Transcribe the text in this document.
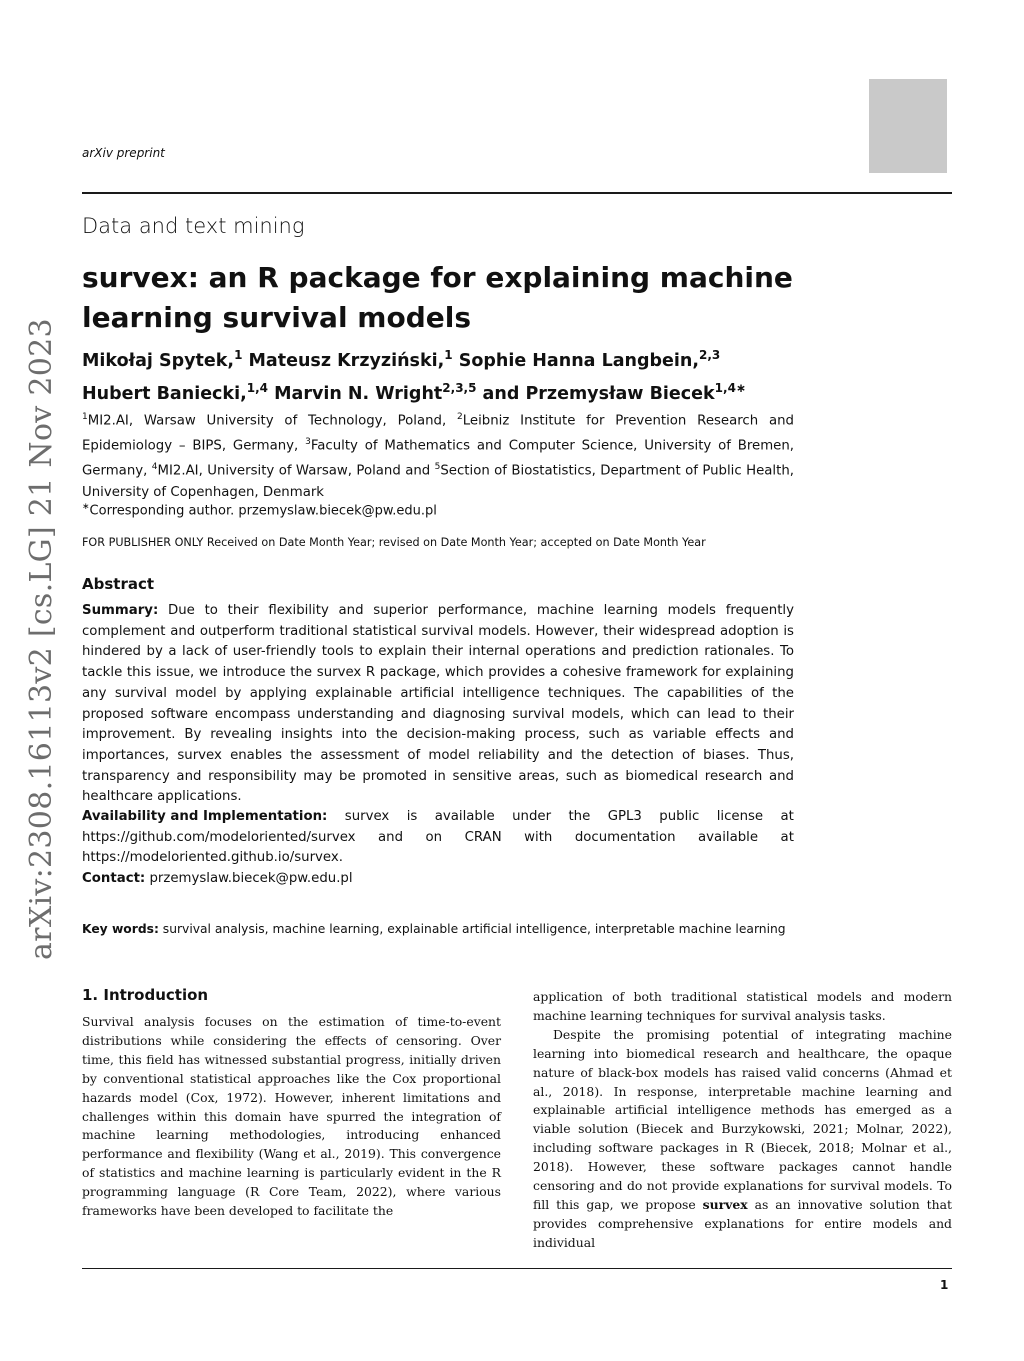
arXiv:2308.16113v2 [cs.LG] 21 Nov 2023
arXiv preprint
Data and text mining
survex: an R package for explaining machine learning survival models
Mikołaj Spytek,$^1$ Mateusz Krzyziński,$^1$ Sophie Hanna Langbein,$^{2,3}$
Hubert Baniecki,$^{1,4}$ Marvin N. Wright$^{2,3,5}$ and Przemysław Biecek$^{1,4∗}$
$^1$MI2.AI, Warsaw University of Technology, Poland, $^2$Leibniz Institute for Prevention Research and Epidemiology – BIPS, Germany, $^3$Faculty of Mathematics and Computer Science, University of Bremen, Germany, $^4$MI2.AI, University of Warsaw, Poland and $^5$Section of Biostatistics, Department of Public Health, University of Copenhagen, Denmark
∗Corresponding author. przemyslaw.biecek@pw.edu.pl
FOR PUBLISHER ONLY Received on Date Month Year; revised on Date Month Year; accepted on Date Month Year
Abstract
Summary: Due to their flexibility and superior performance, machine learning models frequently complement and outperform traditional statistical survival models. However, their widespread adoption is hindered by a lack of user-friendly tools to explain their internal operations and prediction rationales. To tackle this issue, we introduce the survex R package, which provides a cohesive framework for explaining any survival model by applying explainable artificial intelligence techniques. The capabilities of the proposed software encompass understanding and diagnosing survival models, which can lead to their improvement. By revealing insights into the decision-making process, such as variable effects and importances, survex enables the assessment of model reliability and the detection of biases. Thus, transparency and responsibility may be promoted in sensitive areas, such as biomedical research and healthcare applications.
Availability and Implementation: survex is available under the GPL3 public license at
https://github.com/modeloriented/survex and on CRAN with documentation available at
https://modeloriented.github.io/survex.
Contact: przemyslaw.biecek@pw.edu.pl
Key words: survival analysis, machine learning, explainable artificial intelligence, interpretable machine learning
1. Introduction
Survival analysis focuses on the estimation of time-to-event distributions while considering the effects of censoring. Over time, this field has witnessed substantial progress, initially driven by conventional statistical approaches like the Cox proportional hazards model (Cox, 1972). However, inherent limitations and challenges within this domain have spurred the integration of machine learning methodologies, introducing enhanced performance and flexibility (Wang et al., 2019). This convergence of statistics and machine learning is particularly evident in the R programming language (R Core Team, 2022), where various frameworks have been developed to facilitate the
application of both traditional statistical models and modern machine learning techniques for survival analysis tasks.
Despite the promising potential of integrating machine learning into biomedical research and healthcare, the opaque nature of black-box models has raised valid concerns (Ahmad et al., 2018). In response, interpretable machine learning and explainable artificial intelligence methods has emerged as a viable solution (Biecek and Burzykowski, 2021; Molnar, 2022), including software packages in R (Biecek, 2018; Molnar et al., 2018). However, these software packages cannot handle censoring and do not provide explanations for survival models. To fill this gap, we propose survex as an innovative solution that provides comprehensive explanations for entire models and individual
1
